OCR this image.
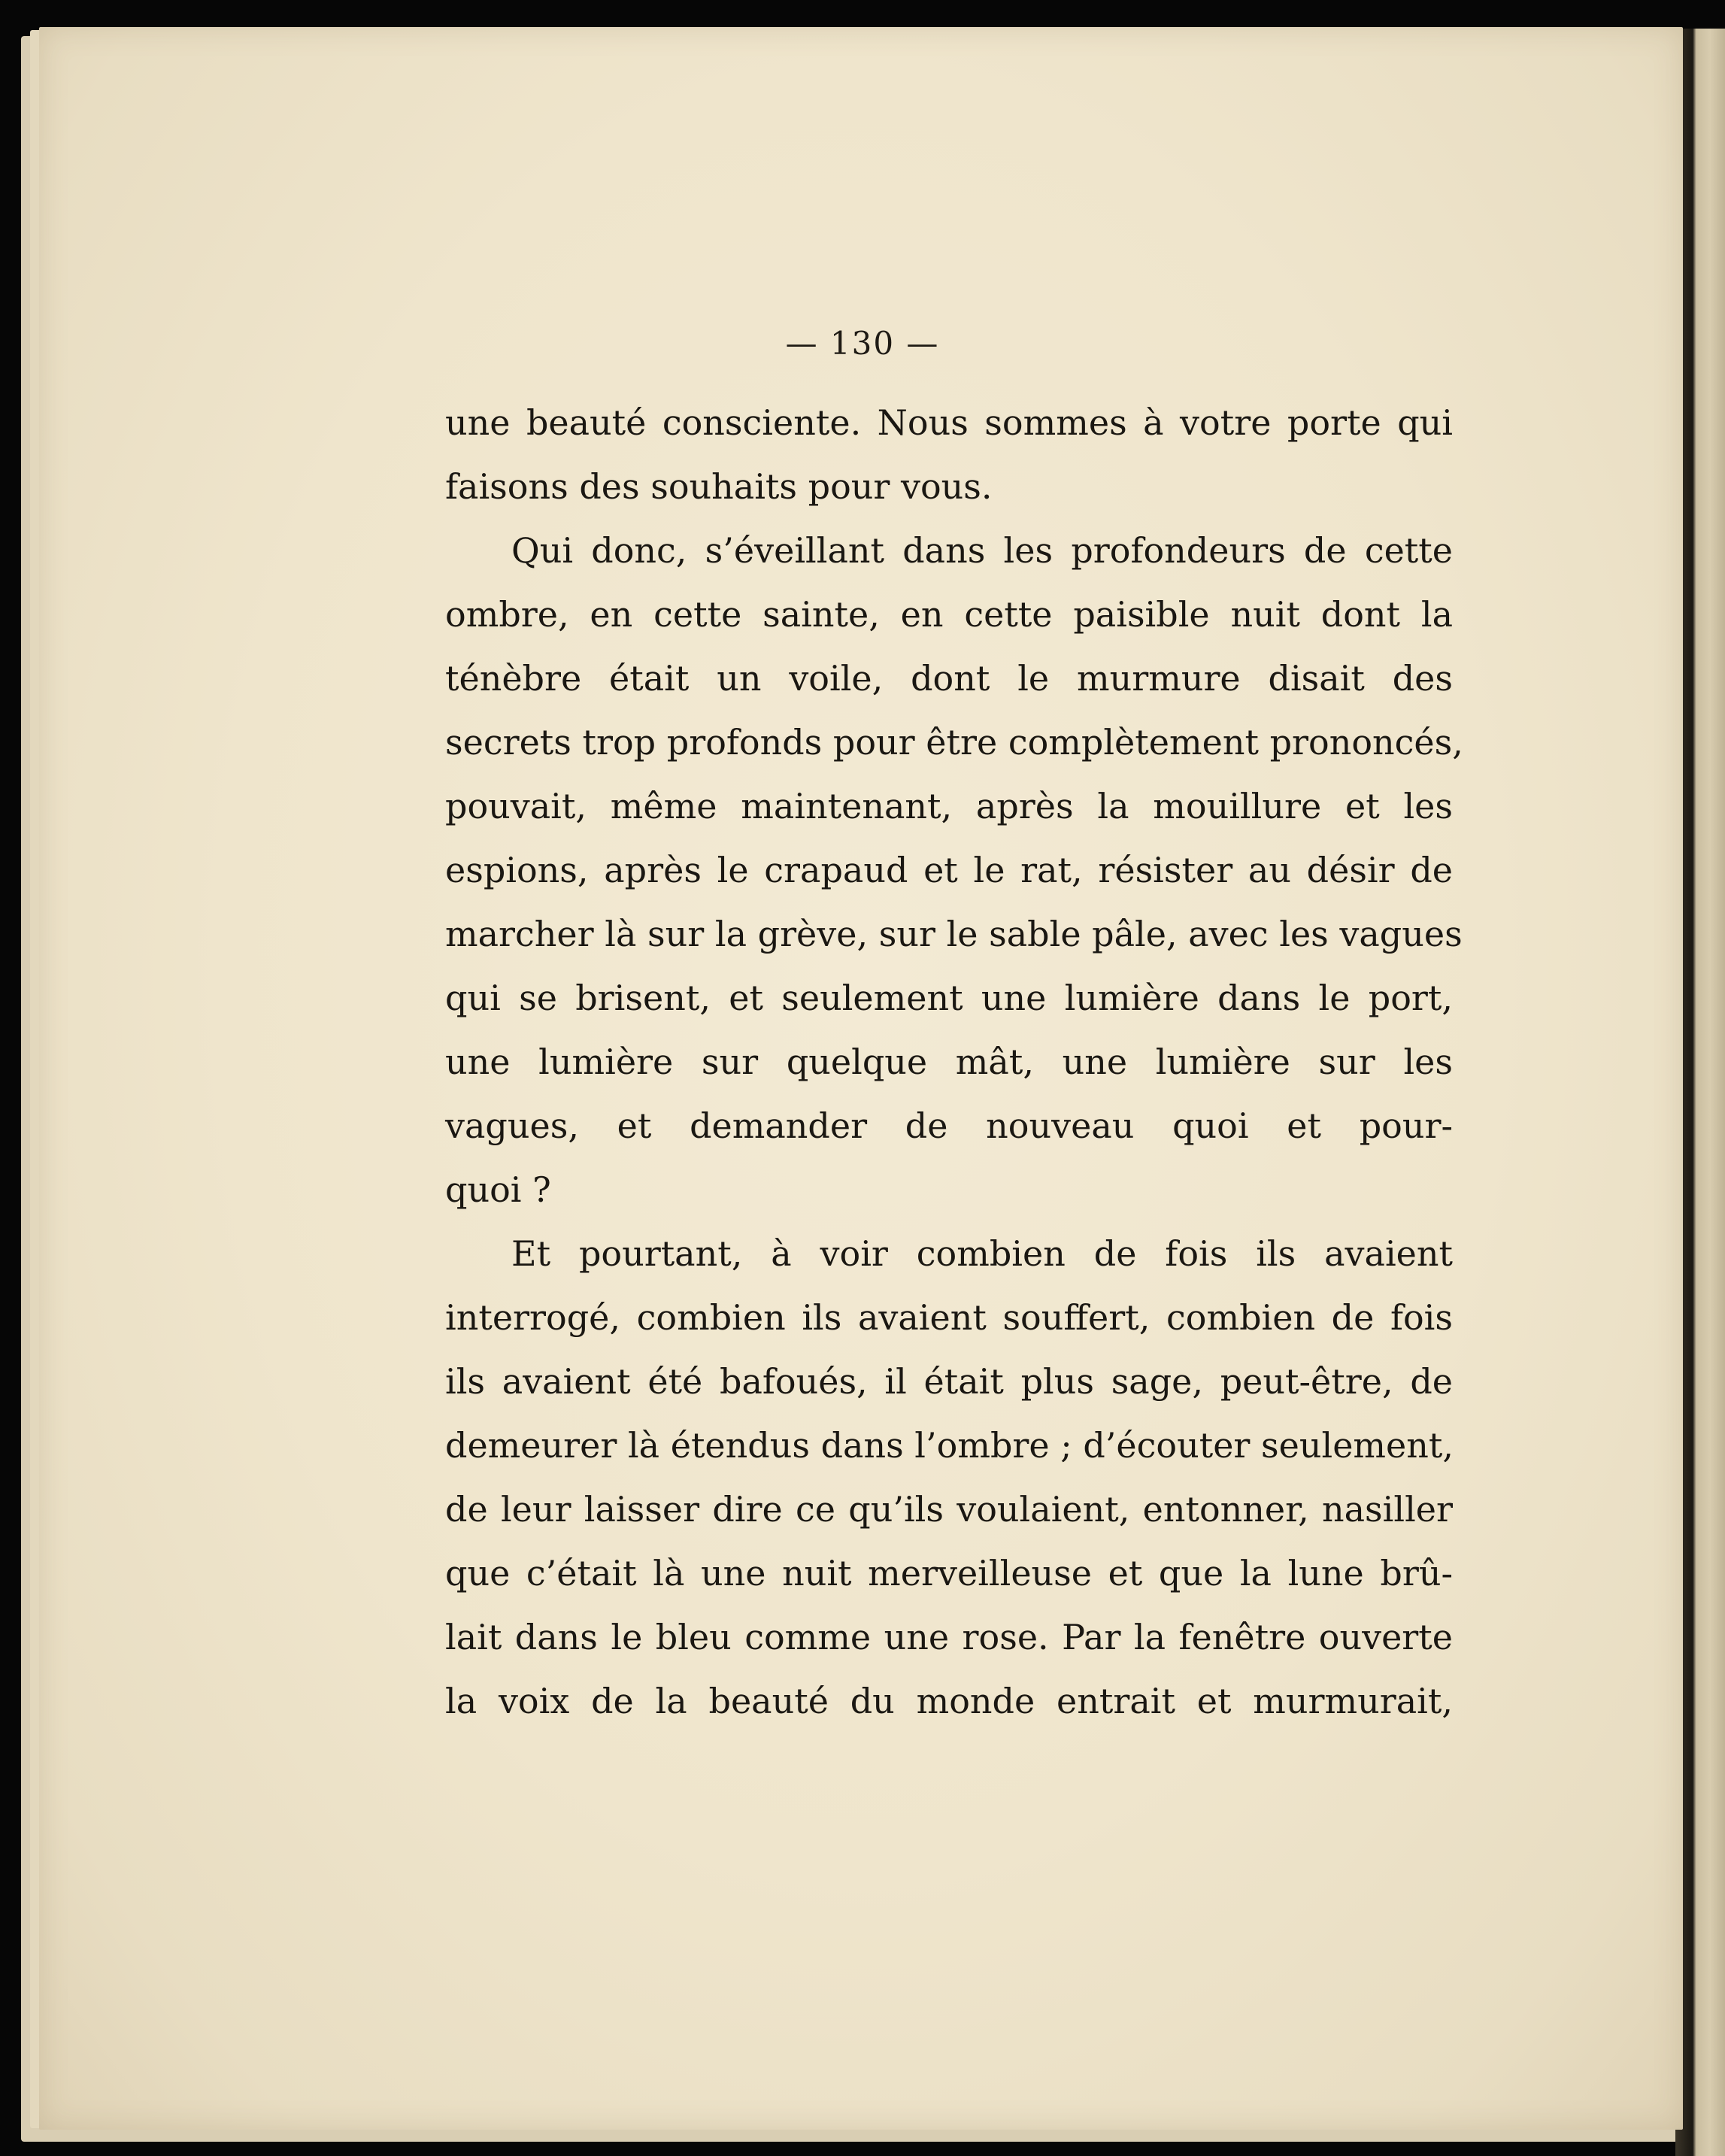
— 130 —
une beauté consciente. Nous sommes à votre porte qui
faisons des souhaits pour vous.
Qui donc, s’éveillant dans les profondeurs de cette
ombre, en cette sainte, en cette paisible nuit dont la
ténèbre était un voile, dont le murmure disait des
secrets trop profonds pour être complètement prononcés,
pouvait, même maintenant, après la mouillure et les
espions, après le crapaud et le rat, résister au désir de
marcher là sur la grève, sur le sable pâle, avec les vagues
qui se brisent, et seulement une lumière dans le port,
une lumière sur quelque mât, une lumière sur les
vagues, et demander de nouveau quoi et pour-
quoi ?
Et pourtant, à voir combien de fois ils avaient
interrogé, combien ils avaient souffert, combien de fois
ils avaient été bafoués, il était plus sage, peut-être, de
demeurer là étendus dans l’ombre ; d’écouter seulement,
de leur laisser dire ce qu’ils voulaient, entonner, nasiller
que c’était là une nuit merveilleuse et que la lune brû-
lait dans le bleu comme une rose. Par la fenêtre ouverte
la voix de la beauté du monde entrait et murmurait,
